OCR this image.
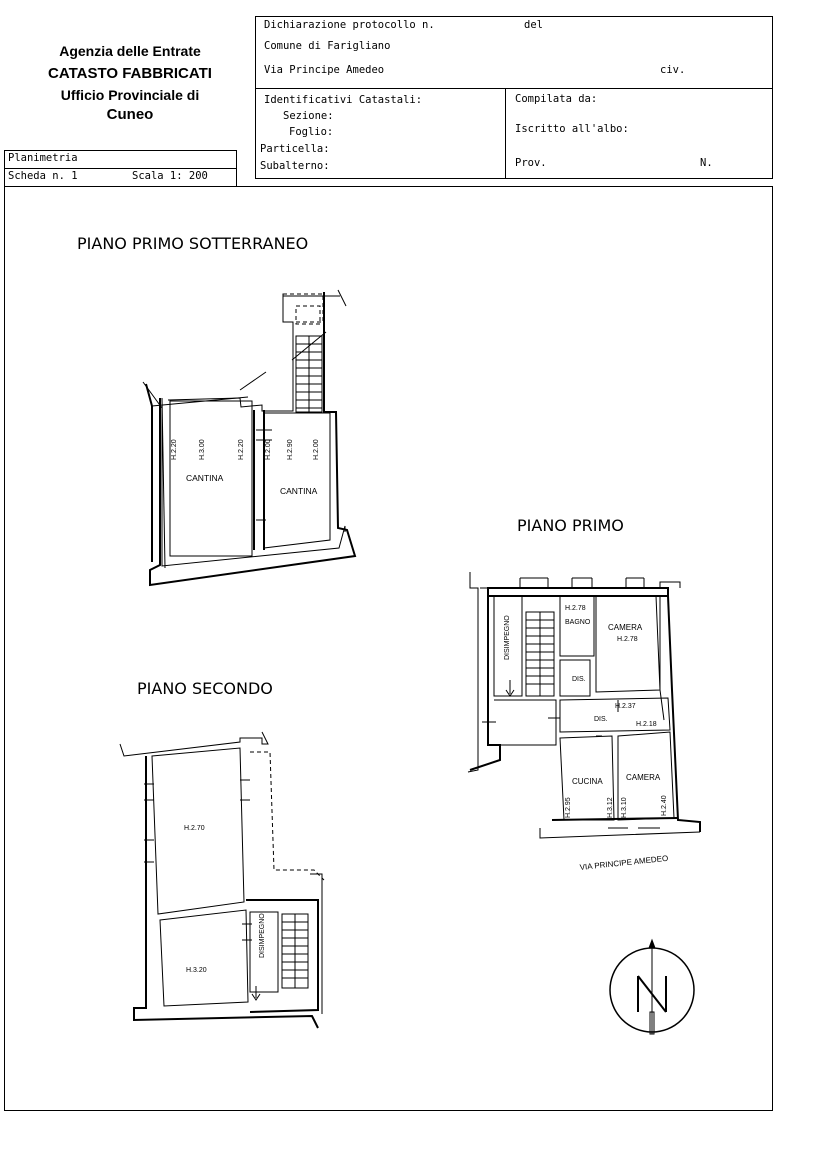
Agenzia delle Entrate
CATASTO FABBRICATI
Ufficio Provinciale di
Cuneo
Dichiarazione protocollo n.	del
Comune di Farigliano
Via Principe Amedeo	civ.
Identificativi Catastali:
Sezione:
Foglio:
Particella:
Subalterno:
Compilata da:
Iscritto all'albo:
Prov.	N.
Planimetria
Scheda n. 1	Scala 1: 200
PIANO PRIMO SOTTERRANEO
PIANO PRIMO
PIANO SECONDO
CANTINA
CANTINA
H.2.20	H.3.00	H.2.20	H.2.00 H.2.90	H.2.00
DISIMPEGNO
H.2.78
BAGNO
CAMERA
H.2.78
DIS.
DIS.
H.2.37
H.2.18
CUCINA	CAMERA
H.2.95	H.3.12 H.3.10	H.2.40
VIA PRINCIPE AMEDEO
H.2.70
H.3.20
DISIMPEGNO
